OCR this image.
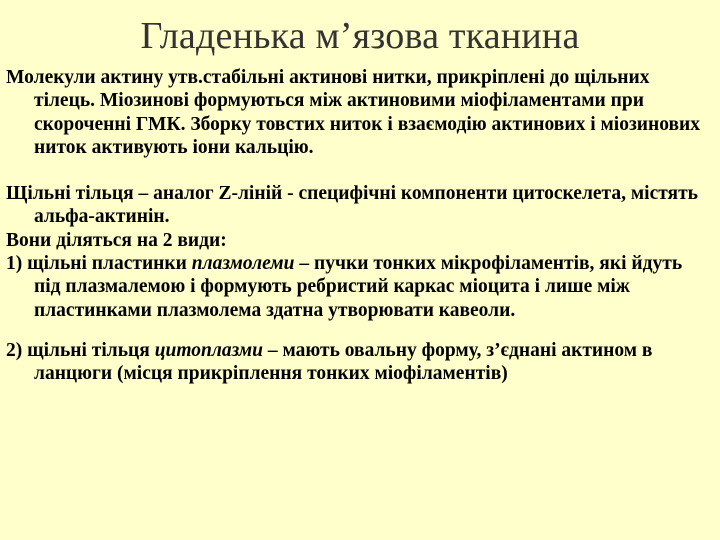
Гладенька м’язова тканина

Молекули актину утв.стабільні актинові нитки, прикріплені до щільних тілець. Міозинові формуються між актиновими міофіламентами при скороченні ГМК. Зборку товстих ниток і взаємодію актинових і міозинових ниток активують іони кальцію.

Щільні тільця – аналог Z-ліній - специфічні компоненти цитоскелета, містять альфа-актинін.

Вони діляться на 2 види:

1) щільні пластинки плазмолеми – пучки тонких мікрофіламентів, які йдуть під плазмалемою і формують ребристий каркас міоцита і лише між пластинками плазмолема здатна утворювати кавеоли.

2) щільні тільця цитоплазми – мають овальну форму, з’єднані актином в ланцюги (місця прикріплення тонких міофіламентів)
